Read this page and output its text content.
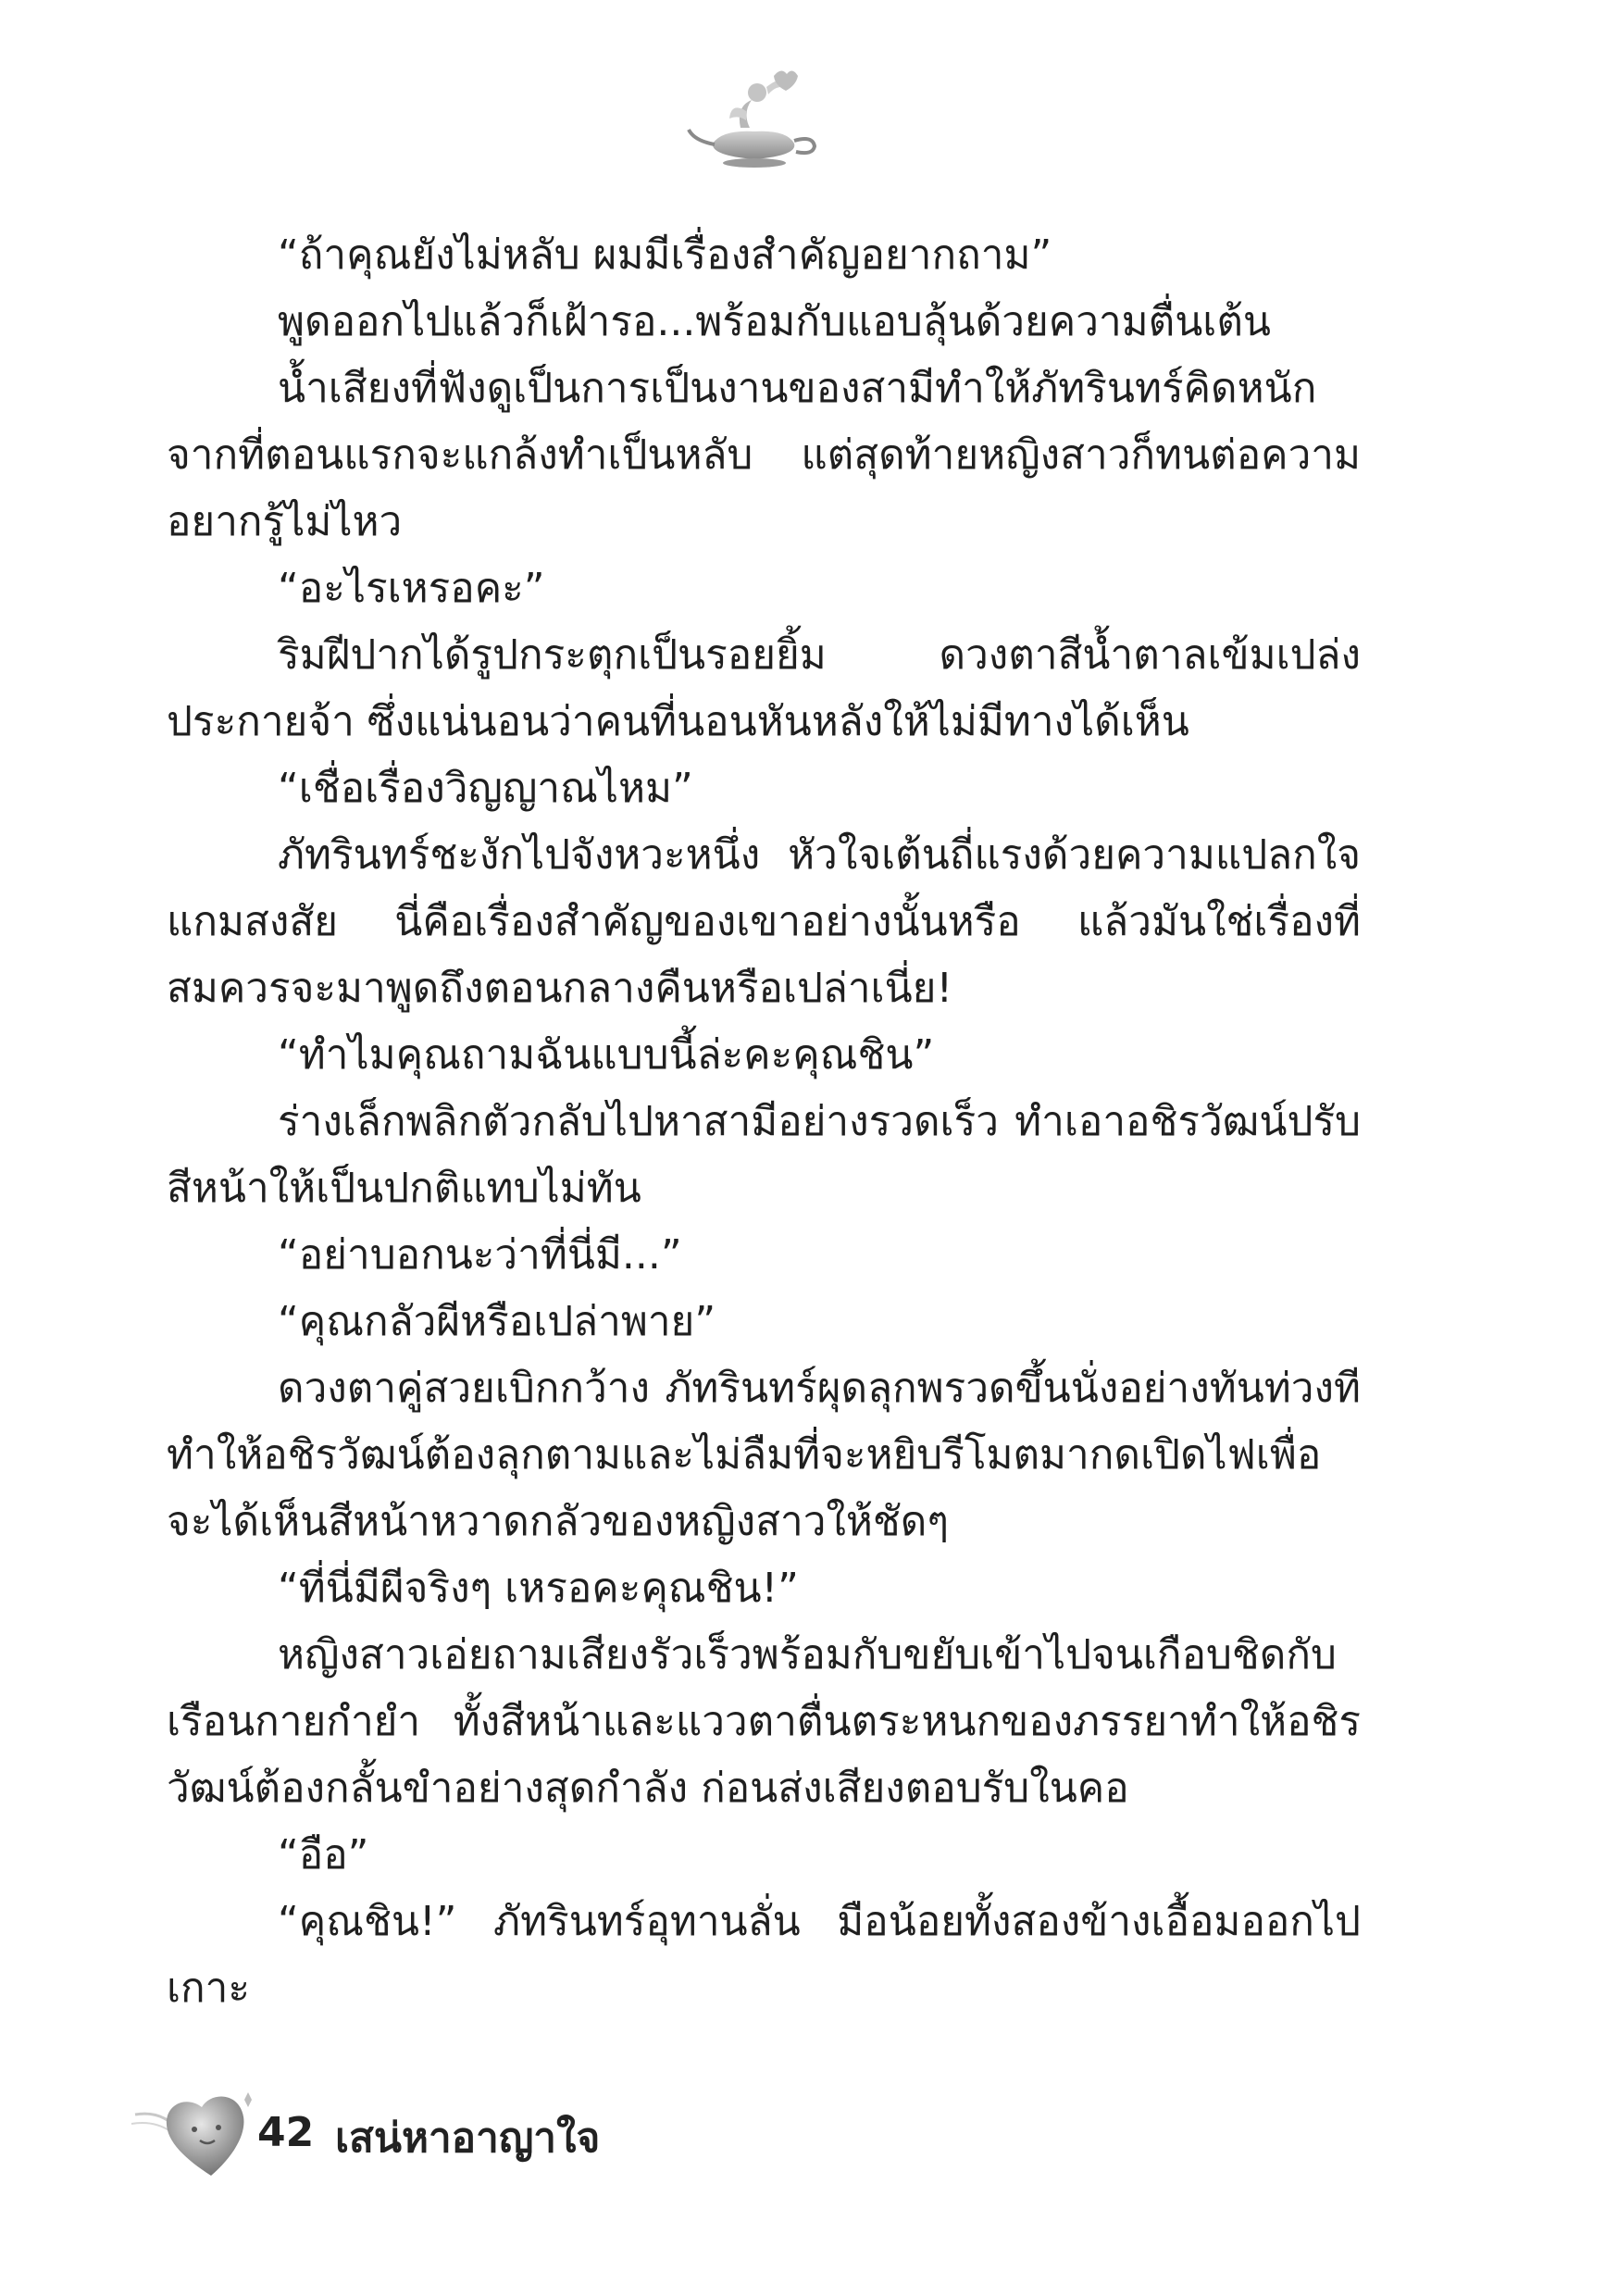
“ถ้าคุณยังไม่หลับ ผมมีเรื่องสำคัญอยากถาม”

พูดออกไปแล้วก็เฝ้ารอ...พร้อมกับแอบลุ้นด้วยความตื่นเต้น

น้ำเสียงที่ฟังดูเป็นการเป็นงานของสามีทำให้ภัทรินทร์คิดหนัก จากที่ตอนแรกจะแกล้งทำเป็นหลับ แต่สุดท้ายหญิงสาวก็ทนต่อความอยากรู้ไม่ไหว

“อะไรเหรอคะ”

ริมฝีปากได้รูปกระตุกเป็นรอยยิ้ม ดวงตาสีน้ำตาลเข้มเปล่งประกายจ้า ซึ่งแน่นอนว่าคนที่นอนหันหลังให้ไม่มีทางได้เห็น

“เชื่อเรื่องวิญญาณไหม”

ภัทรินทร์ชะงักไปจังหวะหนึ่ง หัวใจเต้นถี่แรงด้วยความแปลกใจแกมสงสัย นี่คือเรื่องสำคัญของเขาอย่างนั้นหรือ แล้วมันใช่เรื่องที่สมควรจะมาพูดถึงตอนกลางคืนหรือเปล่าเนี่ย!

“ทำไมคุณถามฉันแบบนี้ล่ะคะคุณชิน”

ร่างเล็กพลิกตัวกลับไปหาสามีอย่างรวดเร็ว ทำเอาอชิรวัฒน์ปรับสีหน้าให้เป็นปกติแทบไม่ทัน

“อย่าบอกนะว่าที่นี่มี...”

“คุณกลัวผีหรือเปล่าพาย”

ดวงตาคู่สวยเบิกกว้าง ภัทรินทร์ผุดลุกพรวดขึ้นนั่งอย่างทันท่วงทีทำให้อชิรวัฒน์ต้องลุกตามและไม่ลืมที่จะหยิบรีโมตมากดเปิดไฟเพื่อจะได้เห็นสีหน้าหวาดกลัวของหญิงสาวให้ชัดๆ

“ที่นี่มีผีจริงๆ เหรอคะคุณชิน!”

หญิงสาวเอ่ยถามเสียงรัวเร็วพร้อมกับขยับเข้าไปจนเกือบชิดกับเรือนกายกำยำ ทั้งสีหน้าและแววตาตื่นตระหนกของภรรยาทำให้อชิรวัฒน์ต้องกลั้นขำอย่างสุดกำลัง ก่อนส่งเสียงตอบรับในคอ

“อือ”

“คุณชิน!” ภัทรินทร์อุทานลั่น มือน้อยทั้งสองข้างเอื้อมออกไปเกาะ

42 เสน่หาอาญาใจ
